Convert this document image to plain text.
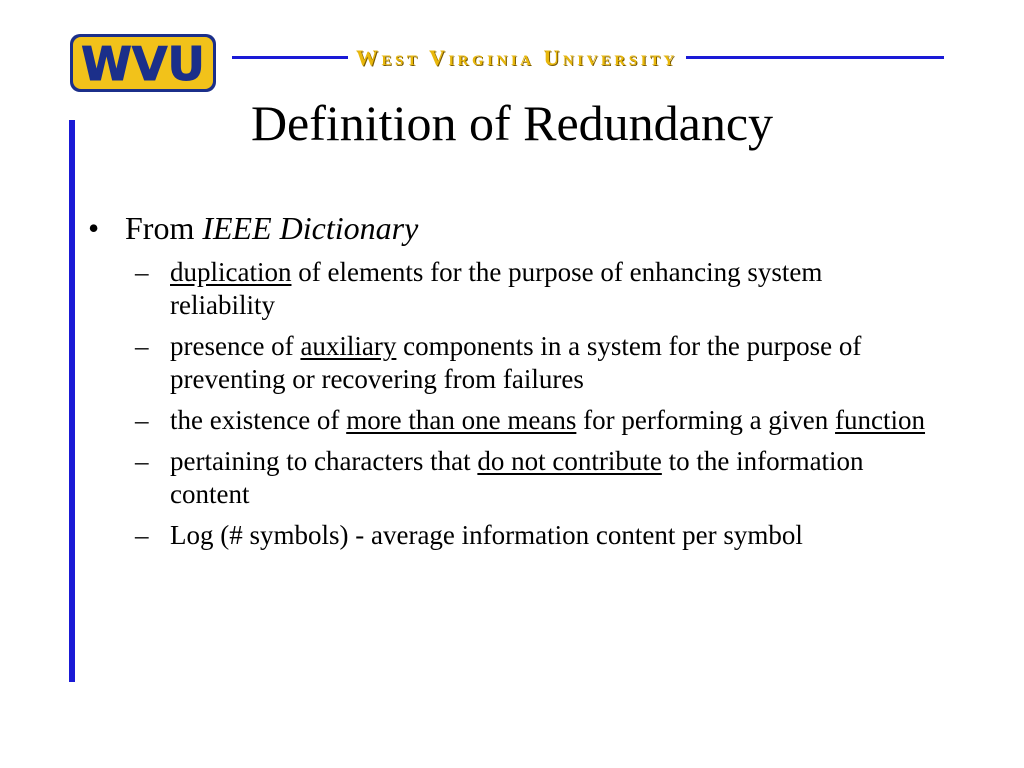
WVU	West Virginia University
Definition of Redundancy
• From IEEE Dictionary
– duplication of elements for the purpose of enhancing system reliability
– presence of auxiliary components in a system for the purpose of preventing or recovering from failures
– the existence of more than one means for performing a given function
– pertaining to characters that do not contribute to the information content
– Log (# symbols) - average information content per symbol
